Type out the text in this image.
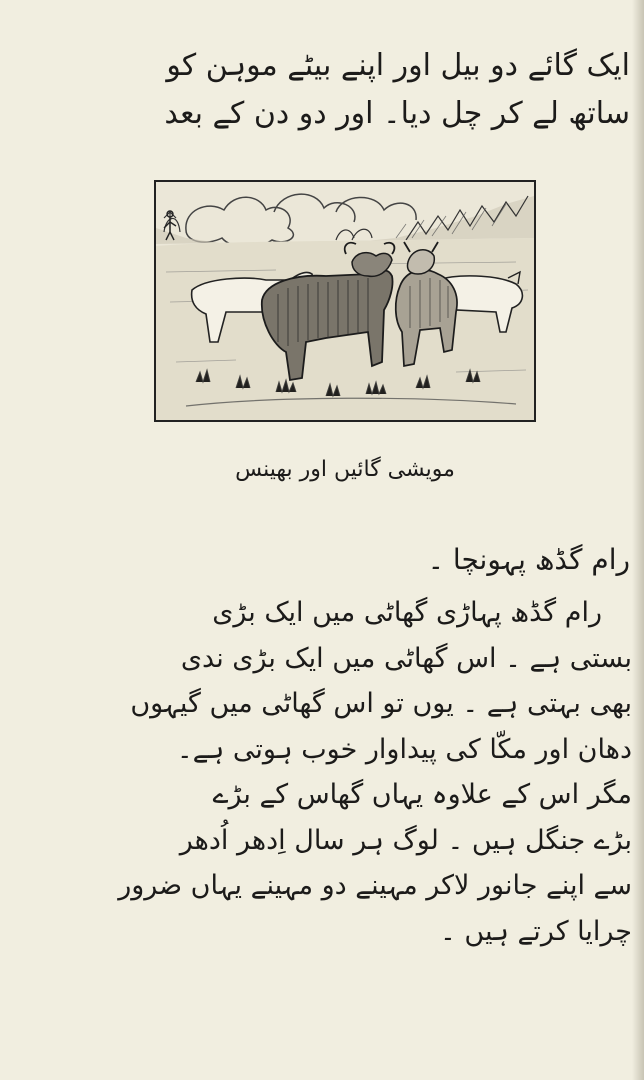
ایک گائے دو بیل اور اپنے بیٹے موہن کو
ساتھ لے کر چل دیا۔ اور دو دن کے بعد
مویشی گائیں اور بھینس
رام گڈھ پہونچا ۔
رام گڈھ پہاڑی گھاٹی میں ایک بڑی
بستی ہے ۔ اس گھاٹی میں ایک بڑی ندی
بھی بہتی ہے ۔ یوں تو اس گھاٹی میں گیہوں
دھان اور مکّا کی پیداوار خوب ہوتی ہے۔
مگر اس کے علاوہ یہاں گھاس کے بڑے
بڑے جنگل ہیں ۔ لوگ ہر سال اِدھر اُدھر
سے اپنے جانور لاکر مہینے دو مہینے یہاں ضرور
چرایا کرتے ہیں ۔
